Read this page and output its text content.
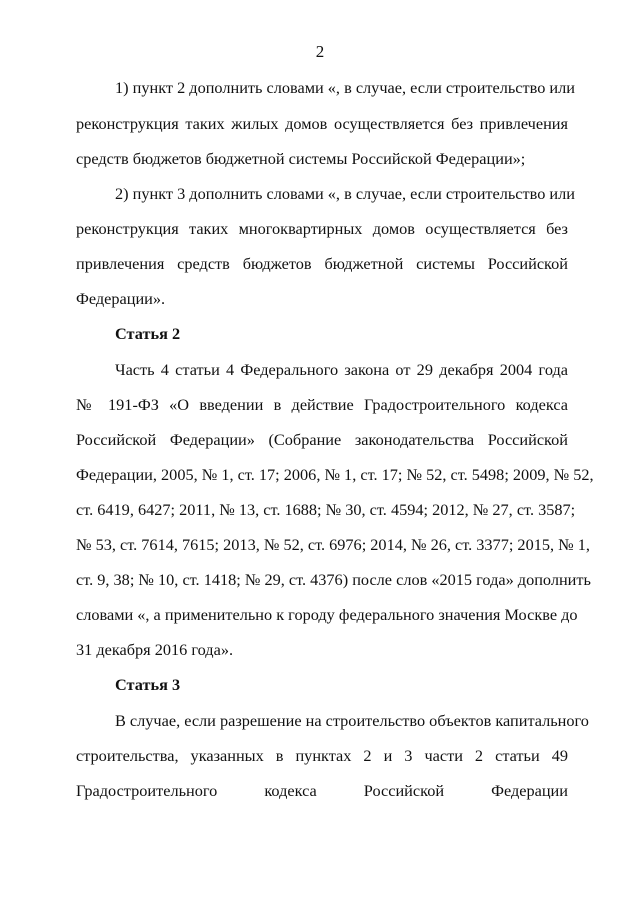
2
1) пункт 2 дополнить словами «, в случае, если строительство или
реконструкция таких жилых домов осуществляется без привлечения
средств бюджетов бюджетной системы Российской Федерации»;
2) пункт 3 дополнить словами «, в случае, если строительство или
реконструкция таких многоквартирных домов осуществляется без
привлечения средств бюджетов бюджетной системы Российской
Федерации».
Статья 2
Часть 4 статьи 4 Федерального закона от 29 декабря 2004 года
№ 191-ФЗ «О введении в действие Градостроительного кодекса
Российской Федерации» (Собрание законодательства Российской
Федерации, 2005, № 1, ст. 17; 2006, № 1, ст. 17; № 52, ст. 5498; 2009, № 52,
ст. 6419, 6427; 2011, № 13, ст. 1688; № 30, ст. 4594; 2012, № 27, ст. 3587;
№ 53, ст. 7614, 7615; 2013, № 52, ст. 6976; 2014, № 26, ст. 3377; 2015, № 1,
ст. 9, 38; № 10, ст. 1418; № 29, ст. 4376) после слов «2015 года» дополнить
словами «, а применительно к городу федерального значения Москве до
31 декабря 2016 года».
Статья 3
В случае, если разрешение на строительство объектов капитального
строительства, указанных в пунктах 2 и 3 части 2 статьи 49
Градостроительного кодекса Российской Федерации
